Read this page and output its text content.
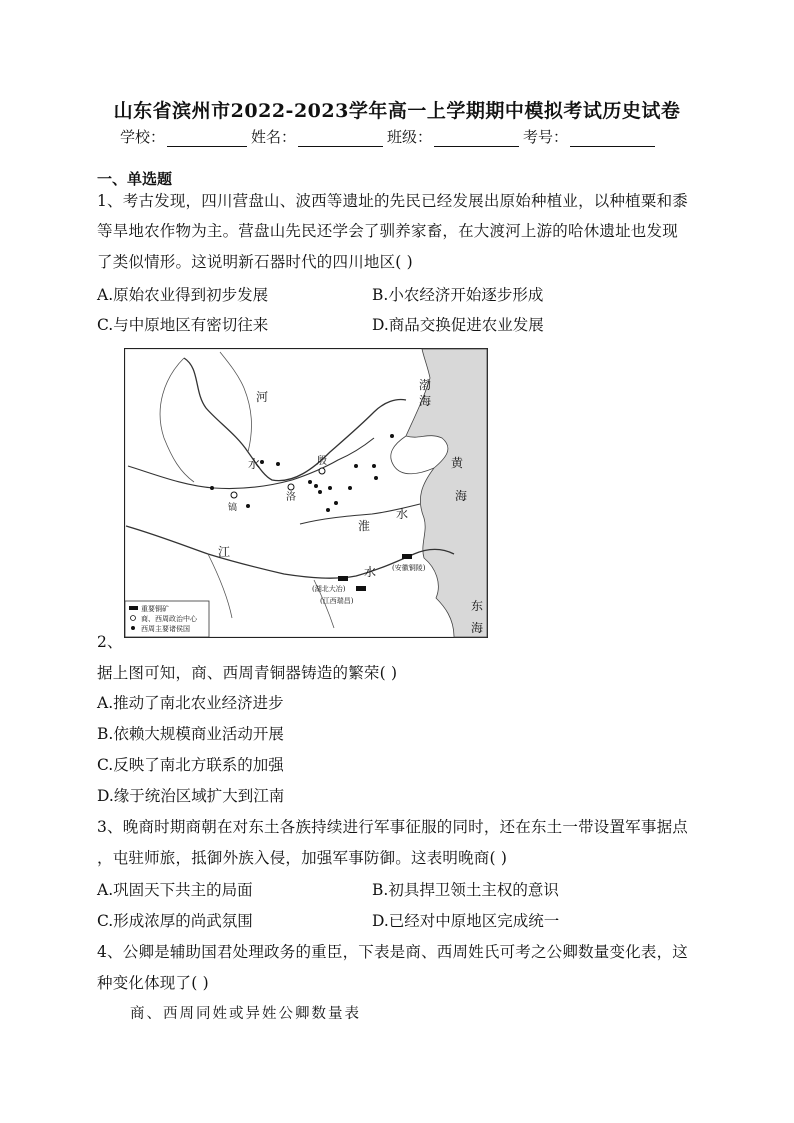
山东省滨州市2022-2023学年高一上学期期中模拟考试历史试卷
学校：	姓名：	班级：	考号：
一、单选题
1、考古发现，四川营盘山、波西等遗址的先民已经发展出原始种植业，以种植粟和黍
等旱地农作物为主。营盘山先民还学会了驯养家畜，在大渡河上游的哈休遗址也发现
了类似情形。这说明新石器时代的四川地区( )
A.原始农业得到初步发展	B.小农经济开始逐步形成
C.与中原地区有密切往来	D.商品交换促进农业发展
渤
海
黄
海
东
海
河
水	殷
洛
镐
淮
水
江
水 (安徽铜陵)
(湖北大冶)
(江西瑞昌)
重要铜矿
商、西周政治中心
西周主要诸侯国
2、
据上图可知，商、西周青铜器铸造的繁荣( )
A.推动了南北农业经济进步
B.依赖大规模商业活动开展
C.反映了南北方联系的加强
D.缘于统治区域扩大到江南
3、晚商时期商朝在对东土各族持续进行军事征服的同时，还在东土一带设置军事据点
，屯驻师旅，抵御外族入侵，加强军事防御。这表明晚商( )
A.巩固天下共主的局面	B.初具捍卫领土主权的意识
C.形成浓厚的尚武氛围	D.已经对中原地区完成统一
4、公卿是辅助国君处理政务的重臣，下表是商、西周姓氏可考之公卿数量变化表，这
种变化体现了( )
商、西周同姓或异姓公卿数量表
